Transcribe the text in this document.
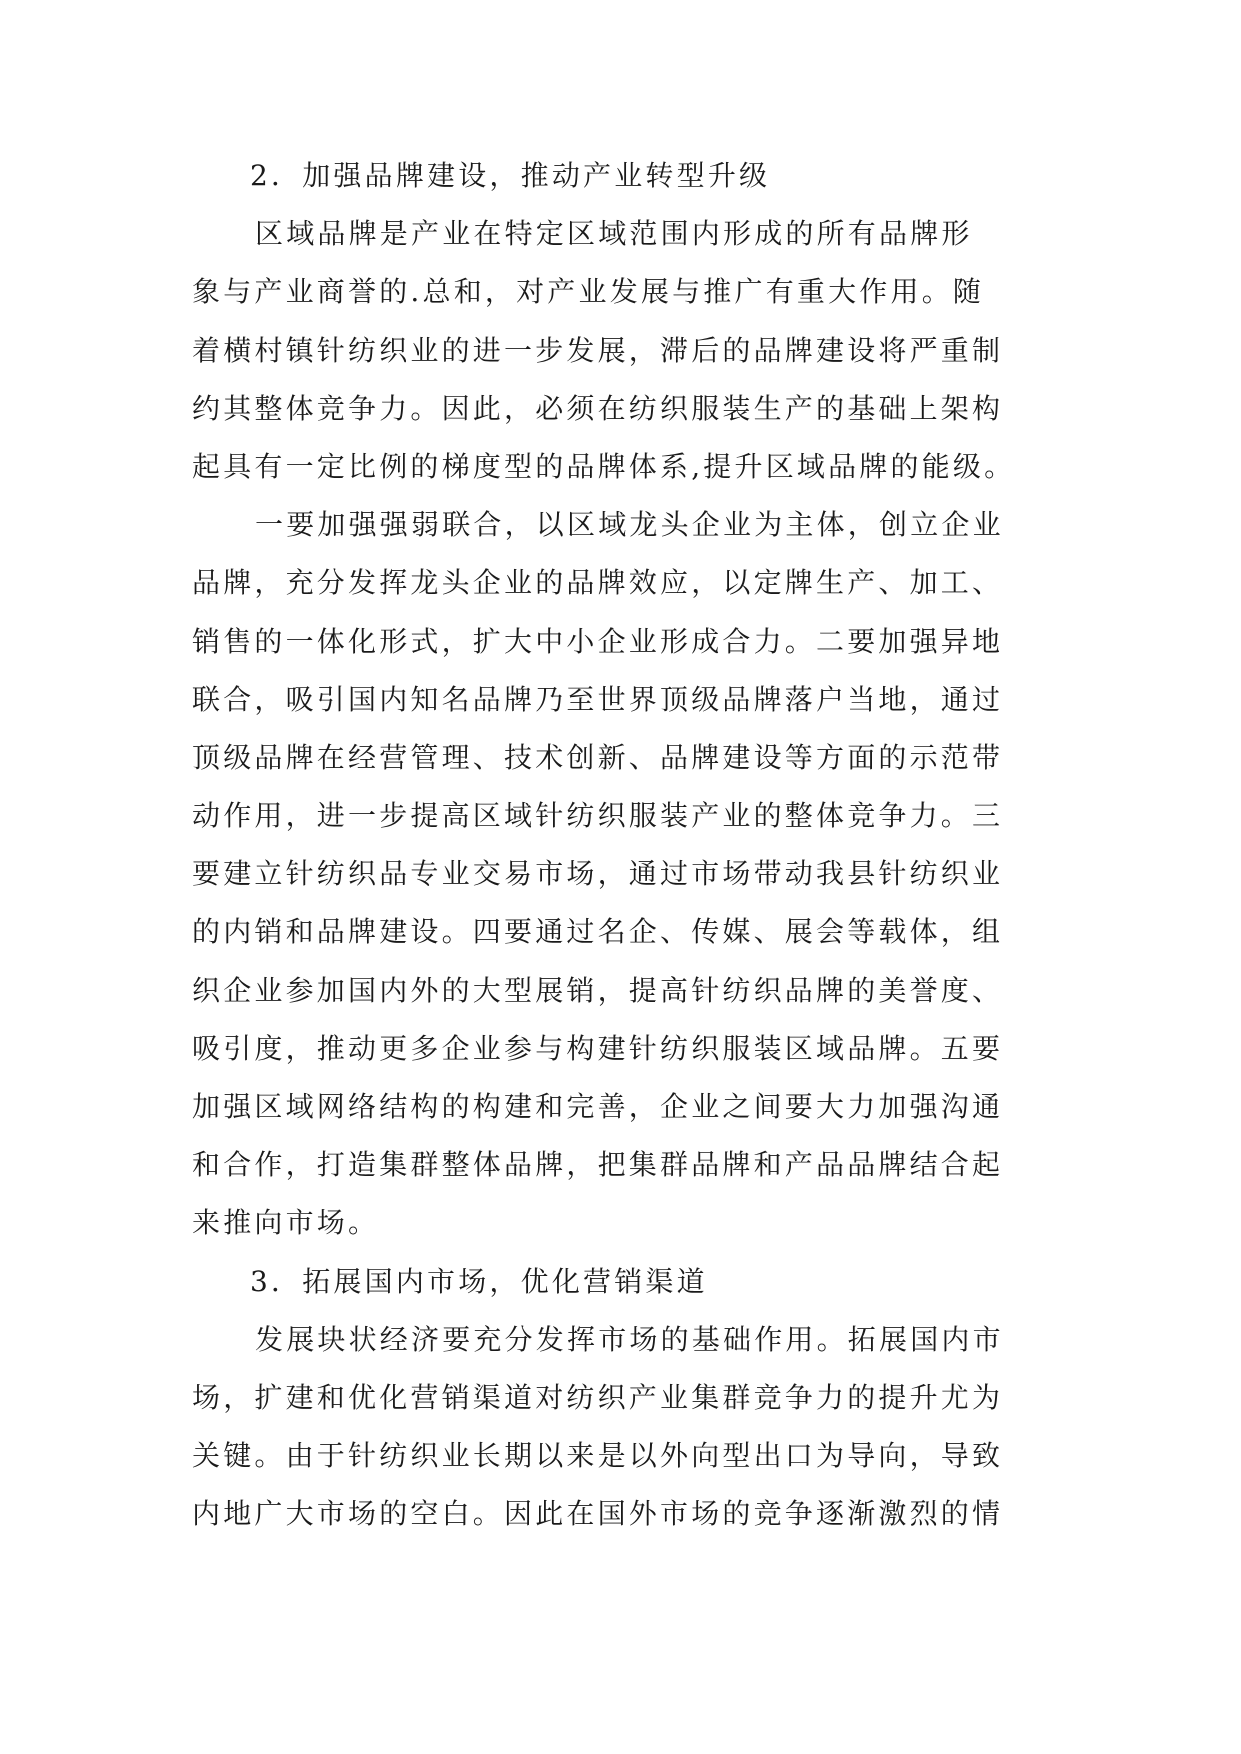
2．加强品牌建设，推动产业转型升级
区域品牌是产业在特定区域范围内形成的所有品牌形
象与产业商誉的.总和，对产业发展与推广有重大作用。随
着横村镇针纺织业的进一步发展，滞后的品牌建设将严重制
约其整体竞争力。因此，必须在纺织服装生产的基础上架构
起具有一定比例的梯度型的品牌体系,提升区域品牌的能级。
一要加强强弱联合，以区域龙头企业为主体，创立企业
品牌，充分发挥龙头企业的品牌效应，以定牌生产、加工、
销售的一体化形式，扩大中小企业形成合力。二要加强异地
联合，吸引国内知名品牌乃至世界顶级品牌落户当地，通过
顶级品牌在经营管理、技术创新、品牌建设等方面的示范带
动作用，进一步提高区域针纺织服装产业的整体竞争力。三
要建立针纺织品专业交易市场，通过市场带动我县针纺织业
的内销和品牌建设。四要通过名企、传媒、展会等载体，组
织企业参加国内外的大型展销，提高针纺织品牌的美誉度、
吸引度，推动更多企业参与构建针纺织服装区域品牌。五要
加强区域网络结构的构建和完善，企业之间要大力加强沟通
和合作，打造集群整体品牌，把集群品牌和产品品牌结合起
来推向市场。
3．拓展国内市场，优化营销渠道
发展块状经济要充分发挥市场的基础作用。拓展国内市
场，扩建和优化营销渠道对纺织产业集群竞争力的提升尤为
关键。由于针纺织业长期以来是以外向型出口为导向，导致
内地广大市场的空白。因此在国外市场的竞争逐渐激烈的情
